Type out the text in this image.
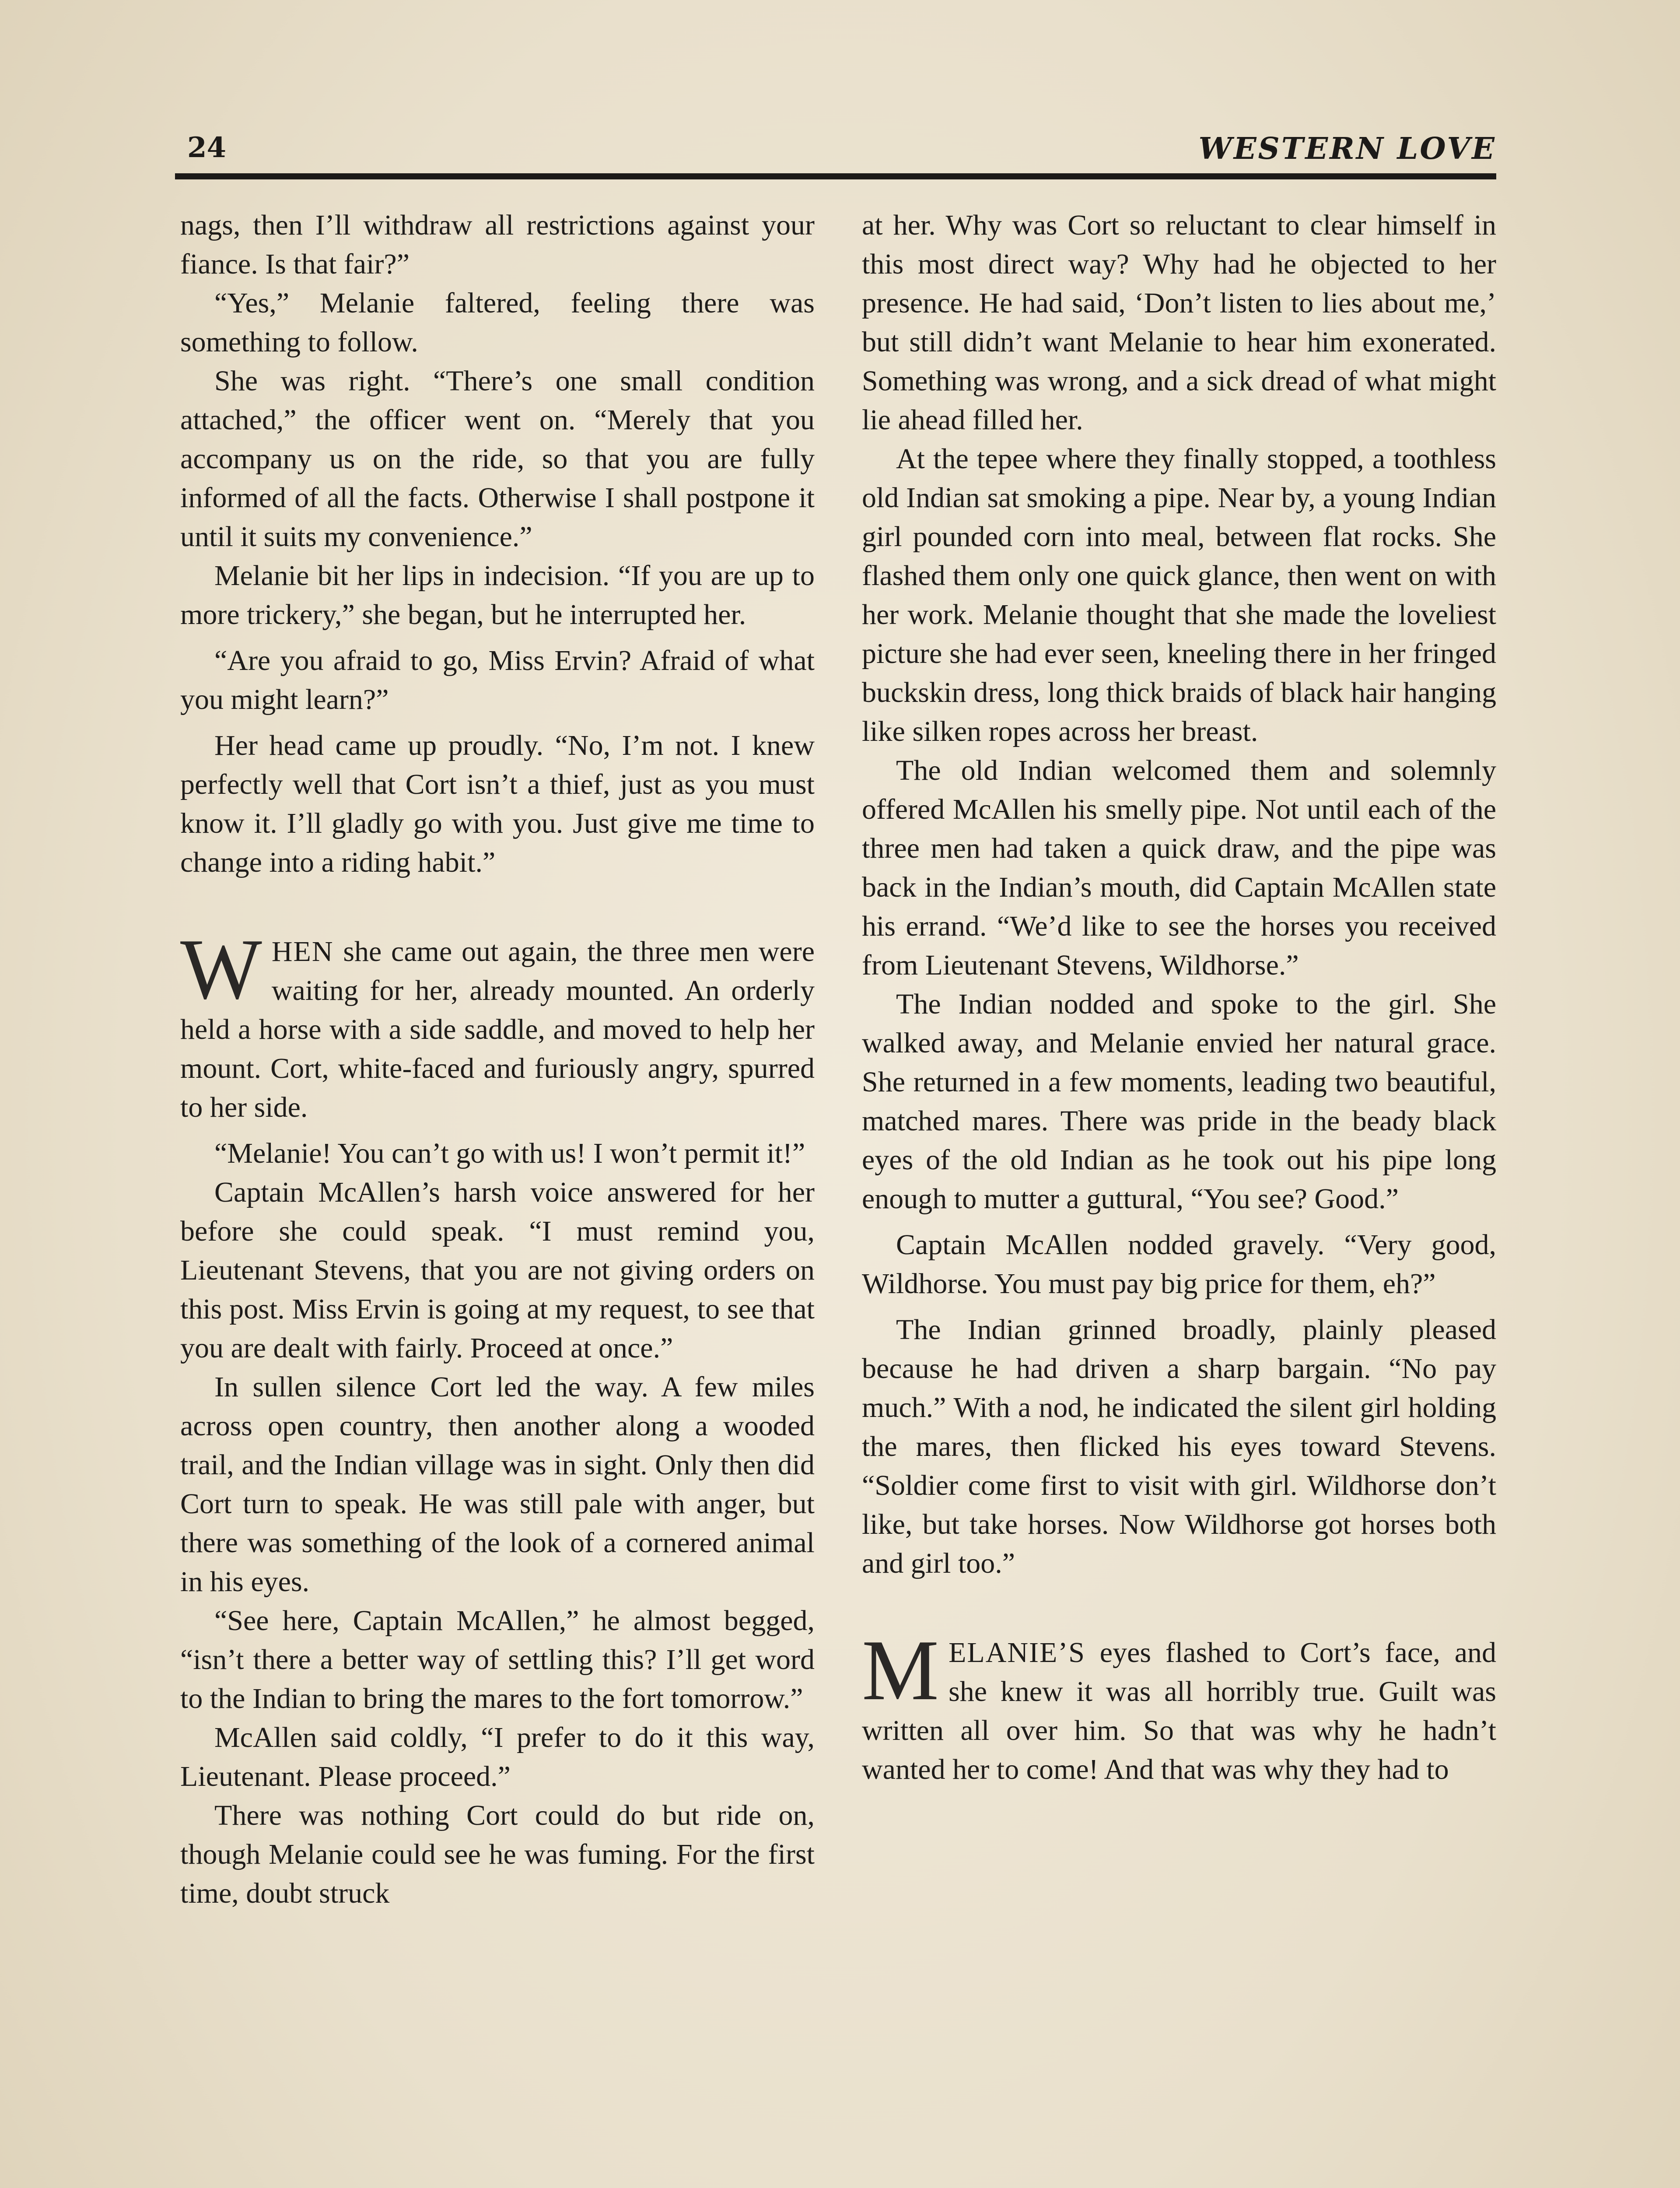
24	WESTERN LOVE

nags, then I’ll withdraw all restrictions against your fiance. Is that fair?”

“Yes,” Melanie faltered, feeling there was something to follow.

She was right. “There’s one small condition attached,” the officer went on. “Merely that you accompany us on the ride, so that you are fully informed of all the facts. Otherwise I shall postpone it until it suits my convenience.”

Melanie bit her lips in indecision. “If you are up to more trickery,” she began, but he interrupted her.

“Are you afraid to go, Miss Ervin? Afraid of what you might learn?”

Her head came up proudly. “No, I’m not. I knew perfectly well that Cort isn’t a thief, just as you must know it. I’ll gladly go with you. Just give me time to change into a riding habit.”

WHEN she came out again, the three men were waiting for her, already mounted. An orderly held a horse with a side saddle, and moved to help her mount. Cort, white-faced and furiously angry, spurred to her side.

“Melanie! You can’t go with us! I won’t permit it!”

Captain McAllen’s harsh voice answered for her before she could speak. “I must remind you, Lieutenant Stevens, that you are not giving orders on this post. Miss Ervin is going at my request, to see that you are dealt with fairly. Proceed at once.”

In sullen silence Cort led the way. A few miles across open country, then another along a wooded trail, and the Indian village was in sight. Only then did Cort turn to speak. He was still pale with anger, but there was something of the look of a cornered animal in his eyes.

“See here, Captain McAllen,” he almost begged, “isn’t there a better way of settling this? I’ll get word to the Indian to bring the mares to the fort tomorrow.”

McAllen said coldly, “I prefer to do it this way, Lieutenant. Please proceed.”

There was nothing Cort could do but ride on, though Melanie could see he was fuming. For the first time, doubt struck

at her. Why was Cort so reluctant to clear himself in this most direct way? Why had he objected to her presence. He had said, ‘Don’t listen to lies about me,’ but still didn’t want Melanie to hear him exonerated. Something was wrong, and a sick dread of what might lie ahead filled her.

At the tepee where they finally stopped, a toothless old Indian sat smoking a pipe. Near by, a young Indian girl pounded corn into meal, between flat rocks. She flashed them only one quick glance, then went on with her work. Melanie thought that she made the loveliest picture she had ever seen, kneeling there in her fringed buckskin dress, long thick braids of black hair hanging like silken ropes across her breast.

The old Indian welcomed them and solemnly offered McAllen his smelly pipe. Not until each of the three men had taken a quick draw, and the pipe was back in the Indian’s mouth, did Captain McAllen state his errand. “We’d like to see the horses you received from Lieutenant Stevens, Wildhorse.”

The Indian nodded and spoke to the girl. She walked away, and Melanie envied her natural grace. She returned in a few moments, leading two beautiful, matched mares. There was pride in the beady black eyes of the old Indian as he took out his pipe long enough to mutter a guttural, “You see? Good.”

Captain McAllen nodded gravely. “Very good, Wildhorse. You must pay big price for them, eh?”

The Indian grinned broadly, plainly pleased because he had driven a sharp bargain. “No pay much.” With a nod, he indicated the silent girl holding the mares, then flicked his eyes toward Stevens. “Soldier come first to visit with girl. Wildhorse don’t like, but take horses. Now Wildhorse got horses both and girl too.”

MELANIE’S eyes flashed to Cort’s face, and she knew it was all horribly true. Guilt was written all over him. So that was why he hadn’t wanted her to come! And that was why they had to
